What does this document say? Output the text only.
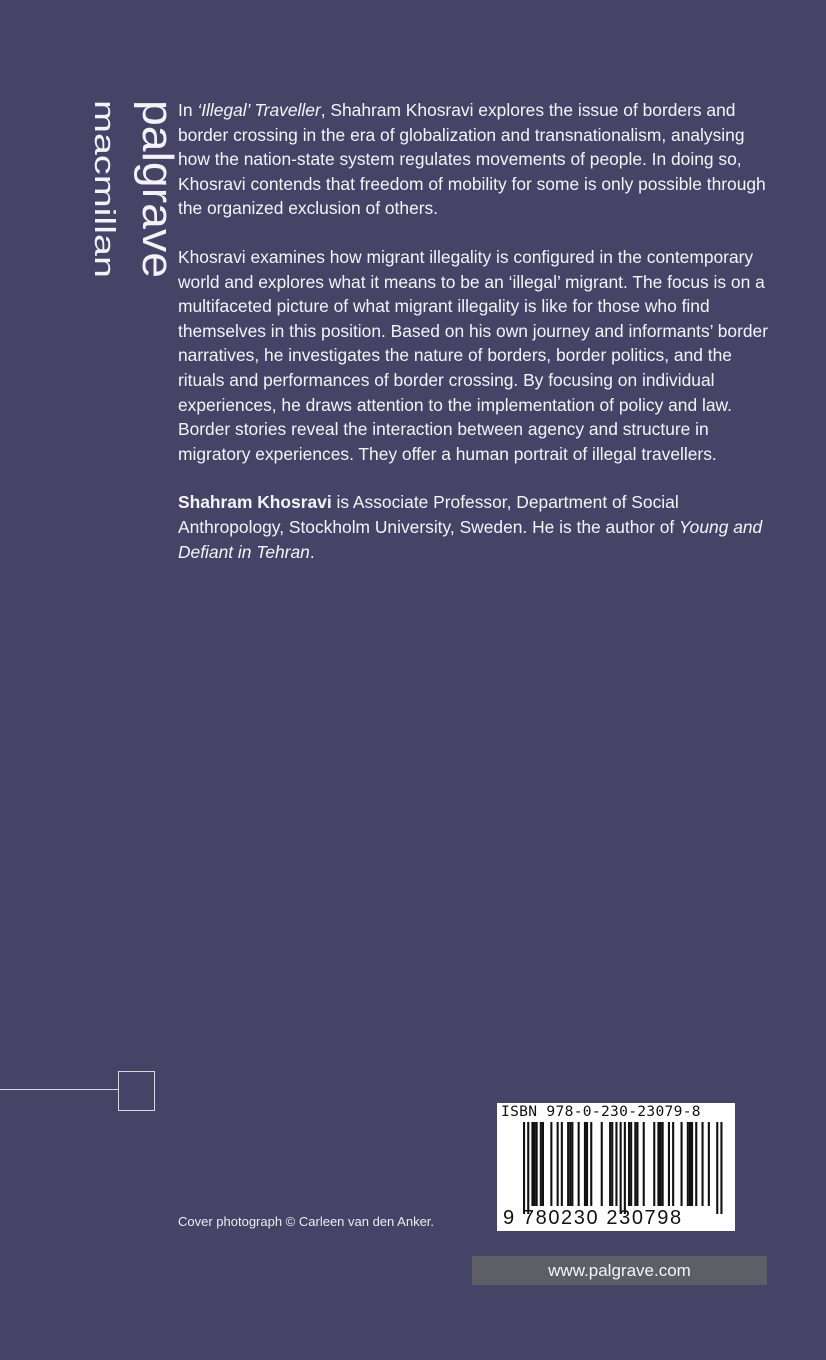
palgrave
macmillan	In ‘Illegal’ Traveller, Shahram Khosravi explores the issue of borders and border crossing in the era of globalization and transnationalism, analysing how the nation-state system regulates movements of people. In doing so, Khosravi contends that freedom of mobility for some is only possible through the organized exclusion of others.

Khosravi examines how migrant illegality is configured in the contemporary world and explores what it means to be an ‘illegal’ migrant. The focus is on a multifaceted picture of what migrant illegality is like for those who find themselves in this position. Based on his own journey and informants’ border narratives, he investigates the nature of borders, border politics, and the rituals and performances of border crossing. By focusing on individual experiences, he draws attention to the implementation of policy and law. Border stories reveal the interaction between agency and structure in migratory experiences. They offer a human portrait of illegal travellers.

Shahram Khosravi is Associate Professor, Department of Social Anthropology, Stockholm University, Sweden. He is the author of Young and Defiant in Tehran.

Cover photograph © Carleen van den Anker.
ISBN 978-0-230-23079-8
9 780230 230798
www.palgrave.com
